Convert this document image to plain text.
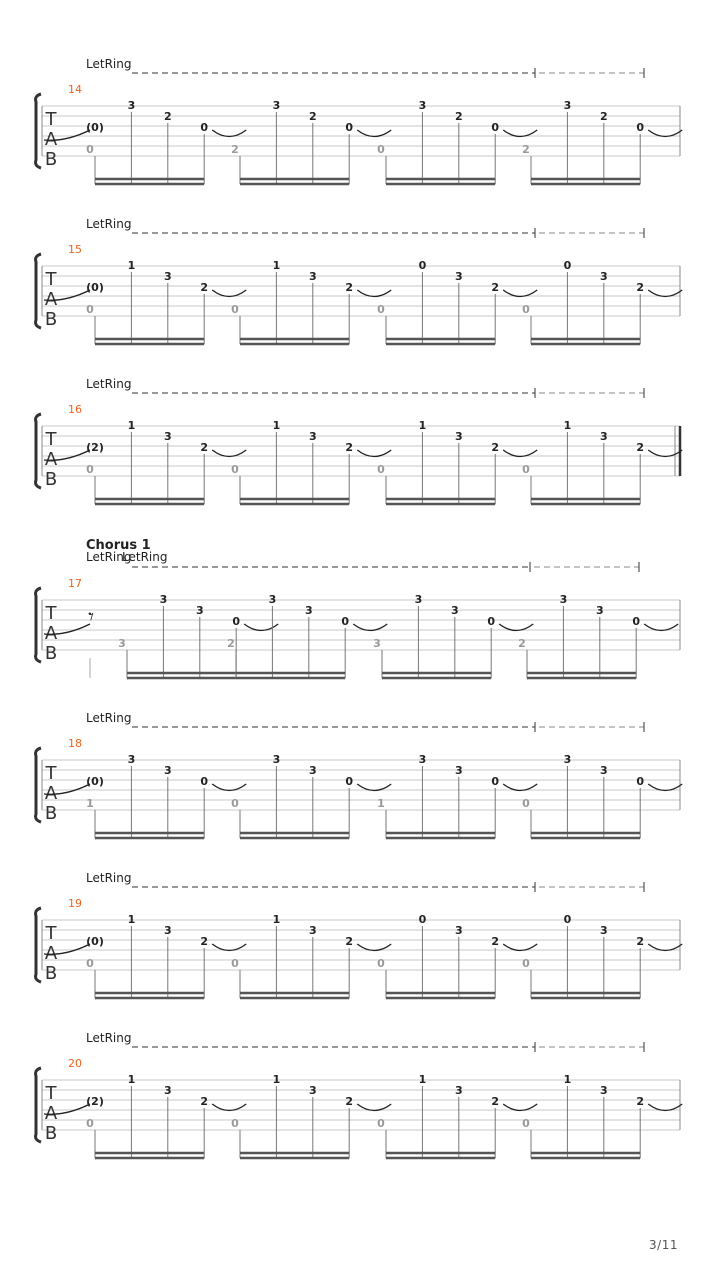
T
A
B
14
LetRing
0
(0)
3
2
0
2
3
2
0
0
3
2
0
2
3
2
0
T
A
B
15
LetRing
0
(0)
1
3
2
0
1
3
2
0
0
3
2
0
0
3
2
T
A
B
16
LetRing
0
(2)
1
3
2
0
1
3
2
0
1
3
2
0
1
3
2
T
A
B
17
Chorus 1
LetRing
LetRing
𝄾
3
3
3
0
2
3
3
0
3
3
3
0
2
3
3
0
T
A
B
18
LetRing
1
(0)
3
3
0
0
3
3
0
1
3
3
0
0
3
3
0
T
A
B
19
LetRing
0
(0)
1
3
2
0
1
3
2
0
0
3
2
0
0
3
2
T
A
B
20
LetRing
0
(2)
1
3
2
0
1
3
2
0
1
3
2
0
1
3
2
3/11
